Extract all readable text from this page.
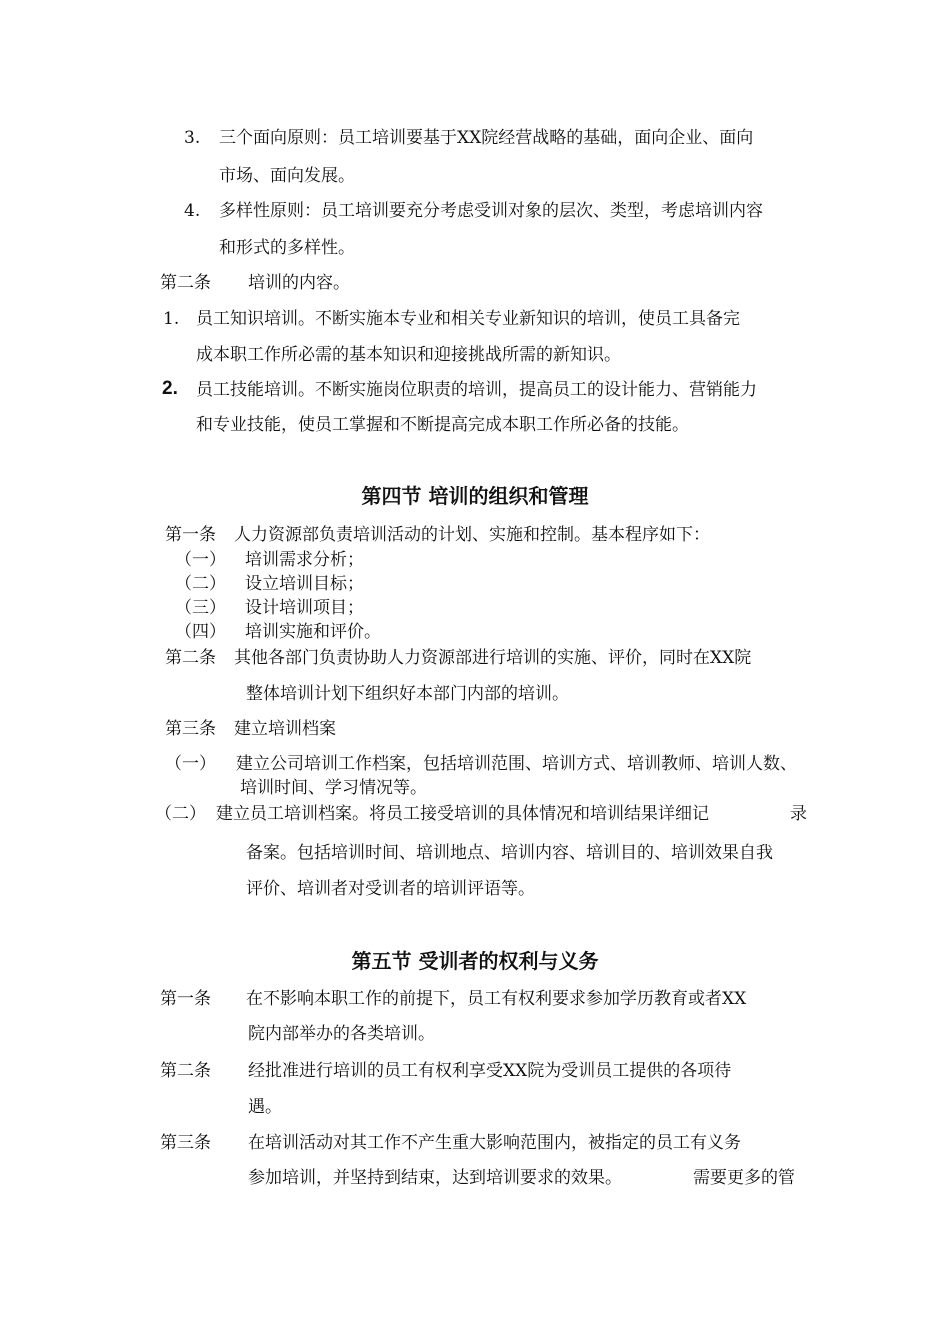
3. 三个面向原则：员工培训要基于XX院经营战略的基础，面向企业、面向
市场、面向发展。
4. 多样性原则：员工培训要充分考虑受训对象的层次、类型，考虑培训内容
和形式的多样性。
第二条 培训的内容。
1. 员工知识培训。不断实施本专业和相关专业新知识的培训，使员工具备完
成本职工作所必需的基本知识和迎接挑战所需的新知识。
2. 员工技能培训。不断实施岗位职责的培训，提高员工的设计能力、营销能力
和专业技能，使员工掌握和不断提高完成本职工作所必备的技能。
第四节 培训的组织和管理
第一条 人力资源部负责培训活动的计划、实施和控制。基本程序如下：
（一） 培训需求分析；
（二） 设立培训目标；
（三） 设计培训项目；
（四） 培训实施和评价。
第二条 其他各部门负责协助人力资源部进行培训的实施、评价，同时在XX院
整体培训计划下组织好本部门内部的培训。
第三条 建立培训档案
（一） 建立公司培训工作档案，包括培训范围、培训方式、培训教师、培训人数、
培训时间、学习情况等。
（二） 建立员工培训档案。将员工接受培训的具体情况和培训结果详细记	录
备案。包括培训时间、培训地点、培训内容、培训目的、培训效果自我
评价、培训者对受训者的培训评语等。
第五节 受训者的权利与义务
第一条 在不影响本职工作的前提下，员工有权利要求参加学历教育或者XX
院内部举办的各类培训。
第二条 经批准进行培训的员工有权利享受XX院为受训员工提供的各项待
遇。
第三条 在培训活动对其工作不产生重大影响范围内，被指定的员工有义务
参加培训，并坚持到结束，达到培训要求的效果。	需要更多的管
